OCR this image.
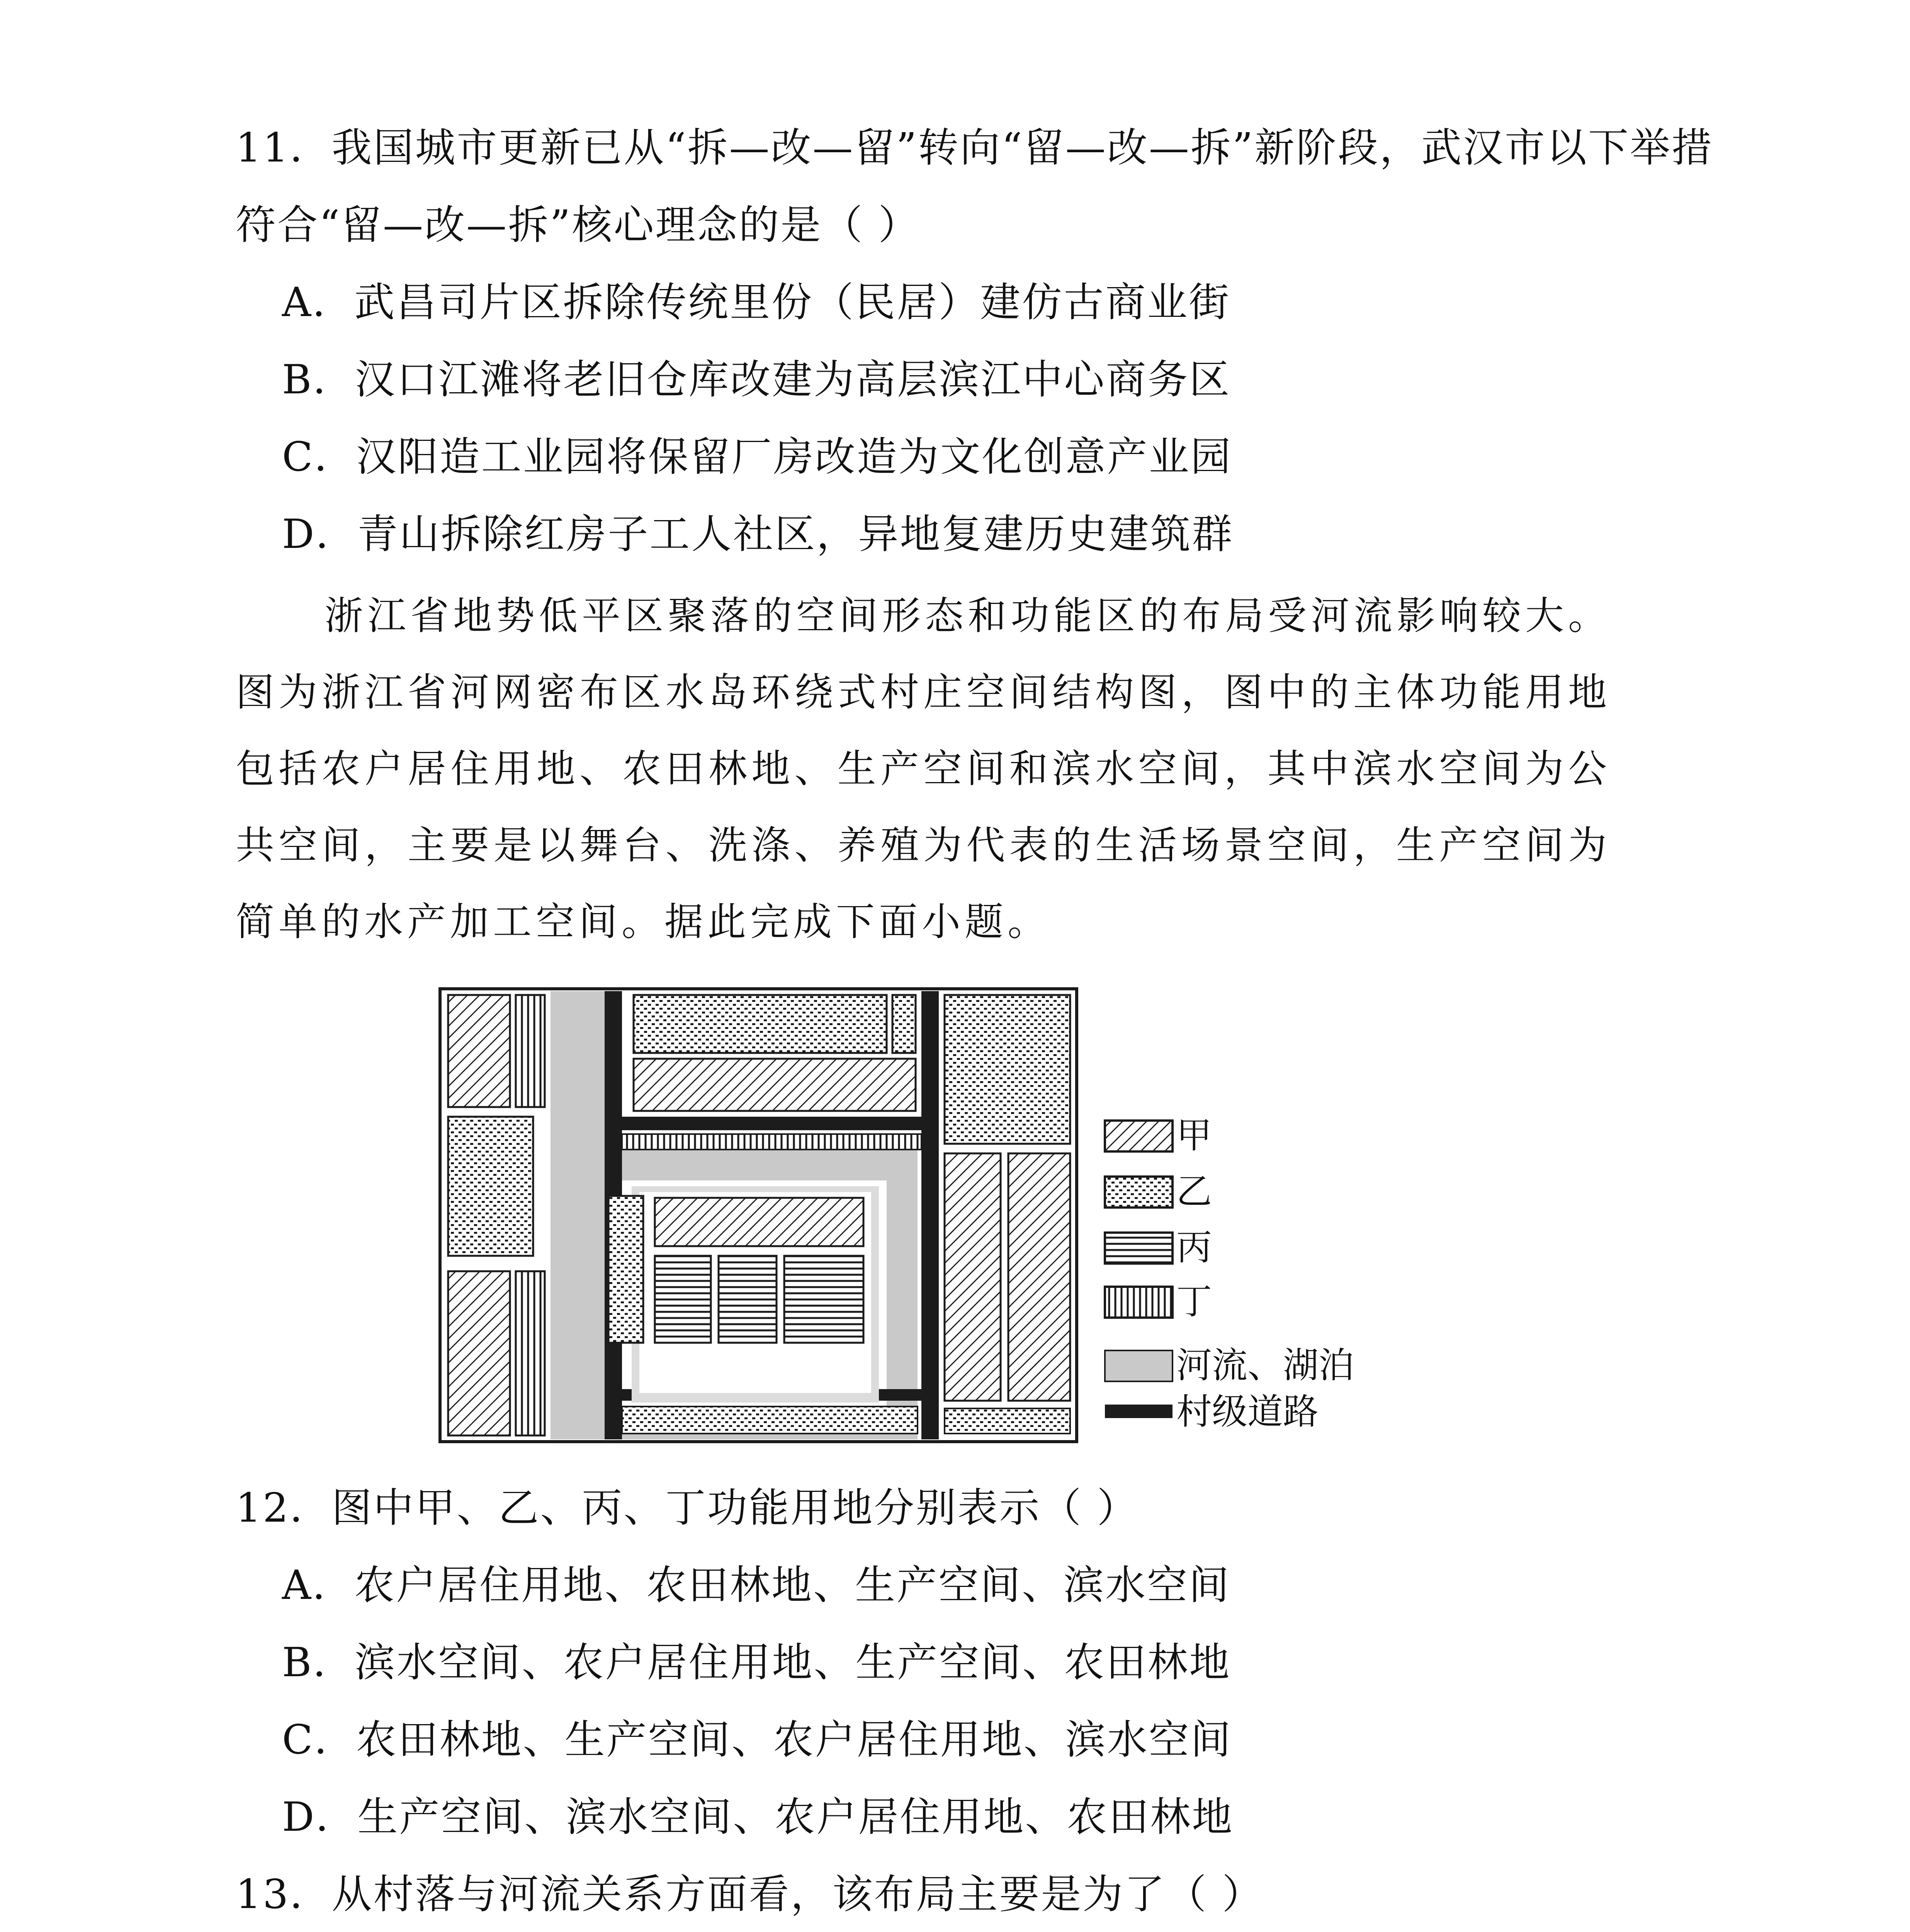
11．我国城市更新已从“拆—改—留”转向“留—改—拆”新阶段，武汉市以下举措
符合“留—改—拆”核心理念的是（ ）
A．武昌司片区拆除传统里份（民居）建仿古商业街
B．汉口江滩将老旧仓库改建为高层滨江中心商务区
C．汉阳造工业园将保留厂房改造为文化创意产业园
D．青山拆除红房子工人社区，异地复建历史建筑群
浙江省地势低平区聚落的空间形态和功能区的布局受河流影响较大。图为浙江省河网密布区水岛环绕式村庄空间结构图，图中的主体功能用地包括农户居住用地、农田林地、生产空间和滨水空间，其中滨水空间为公共空间，主要是以舞台、洗涤、养殖为代表的生活场景空间，生产空间为简单的水产加工空间。据此完成下面小题。
甲
乙
丙
丁
河流、湖泊
村级道路
12．图中甲、乙、丙、丁功能用地分别表示（ ）
A．农户居住用地、农田林地、生产空间、滨水空间
B．滨水空间、农户居住用地、生产空间、农田林地
C．农田林地、生产空间、农户居住用地、滨水空间
D．生产空间、滨水空间、农户居住用地、农田林地
13．从村落与河流关系方面看，该布局主要是为了（ ）
